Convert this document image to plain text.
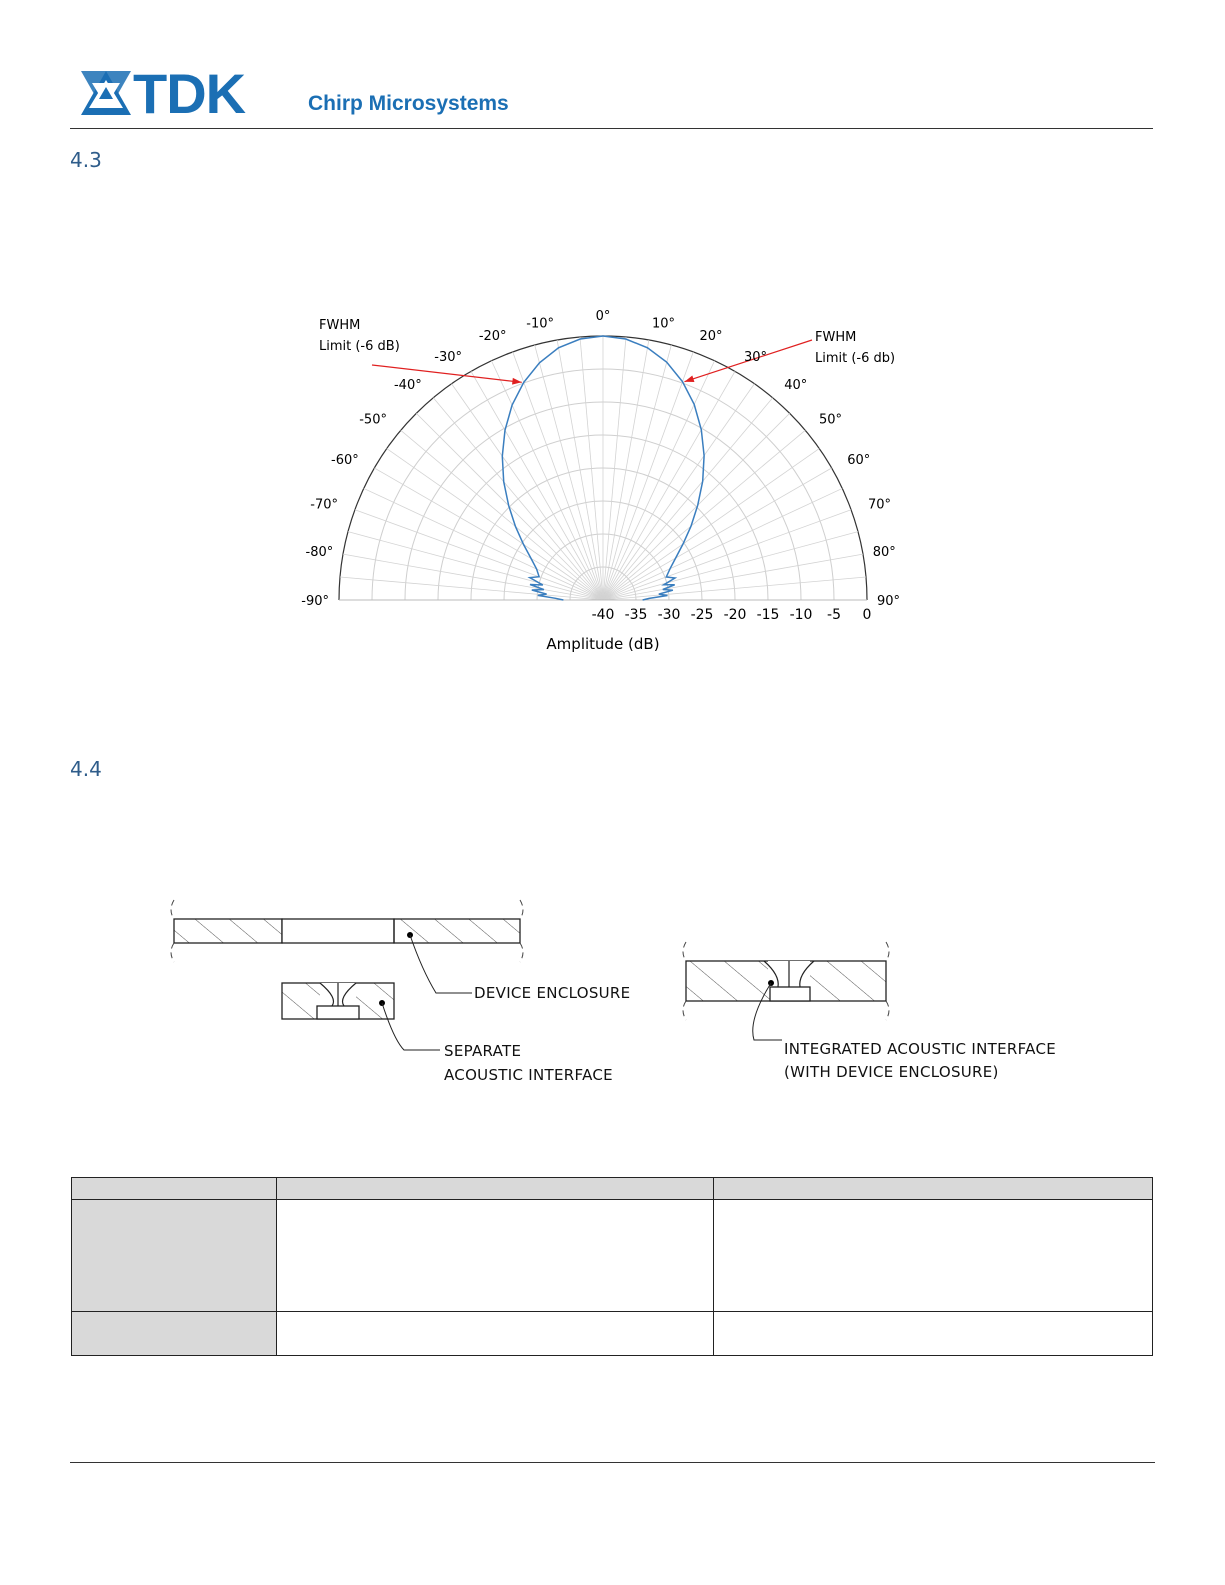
TDK	Chirp Microsystems
4.3
-90°
-80°
-70°
-60°
-50°
-40°
-30°
-20°
-10°	0°	10°
20°
30°
40°
50°
60°
70°
80°
90°
-40 -35 -30 -25 -20 -15 -10 -5 0
FWHM
Limit (-6 dB)
FWHM
Limit (-6 db)
Amplitude (dB)
4.4
DEVICE ENCLOSURE
SEPARATE
ACOUSTIC INTERFACE
INTEGRATED ACOUSTIC INTERFACE
(WITH DEVICE ENCLOSURE)
